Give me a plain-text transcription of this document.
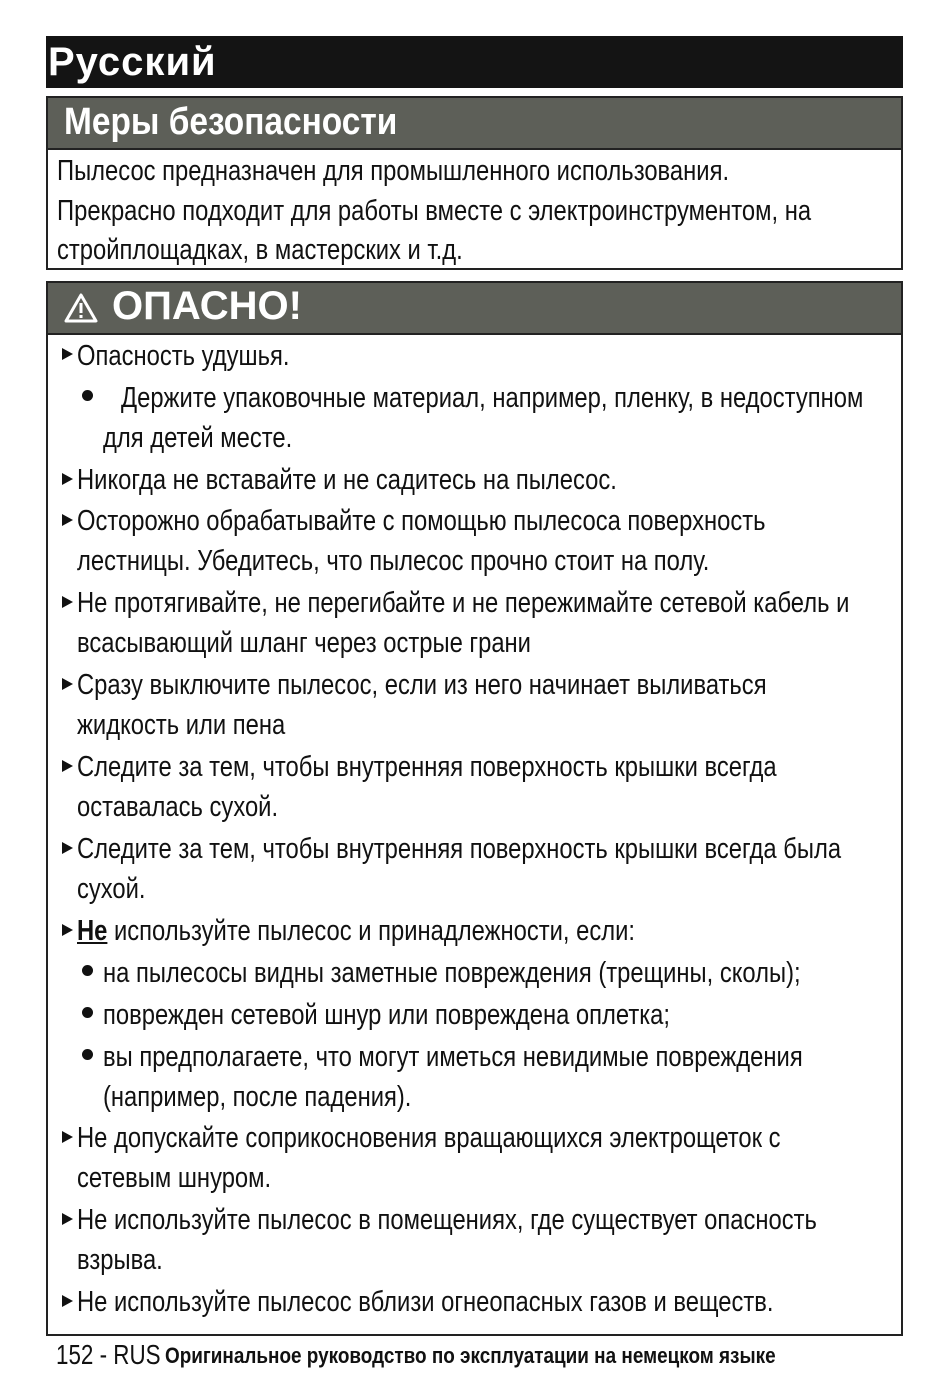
Русский
Меры безопасности
Пылесос предназначен для промышленного использования.
Прекрасно подходит для работы вместе с электроинструментом, на
стройплощадках, в мастерских и т.д.
ОПАСНО!
Опасность удушья.
Держите упаковочные материал, например, пленку, в недоступном
для детей месте.
Никогда не вставайте и не садитесь на пылесос.
Осторожно обрабатывайте с помощью пылесоса поверхность
лестницы. Убедитесь, что пылесос прочно стоит на полу.
Не протягивайте, не перегибайте и не пережимайте сетевой кабель и
всасывающий шланг через острые грани
Сразу выключите пылесос, если из него начинает выливаться
жидкость или пена
Следите за тем, чтобы внутренняя поверхность крышки всегда
оставалась сухой.
Следите за тем, чтобы внутренняя поверхность крышки всегда была
сухой.
Не используйте пылесос и принадлежности, если:
на пылесосы видны заметные повреждения (трещины, сколы);
поврежден сетевой шнур или повреждена оплетка;
вы предполагаете, что могут иметься невидимые повреждения
(например, после падения).
Не допускайте соприкосновения вращающихся электрощеток с
сетевым шнуром.
Не используйте пылесос в помещениях, где существует опасность
взрыва.
Не используйте пылесос вблизи огнеопасных газов и веществ.
152 - RUS Оригинальное руководство по эксплуатации на немецком языке
